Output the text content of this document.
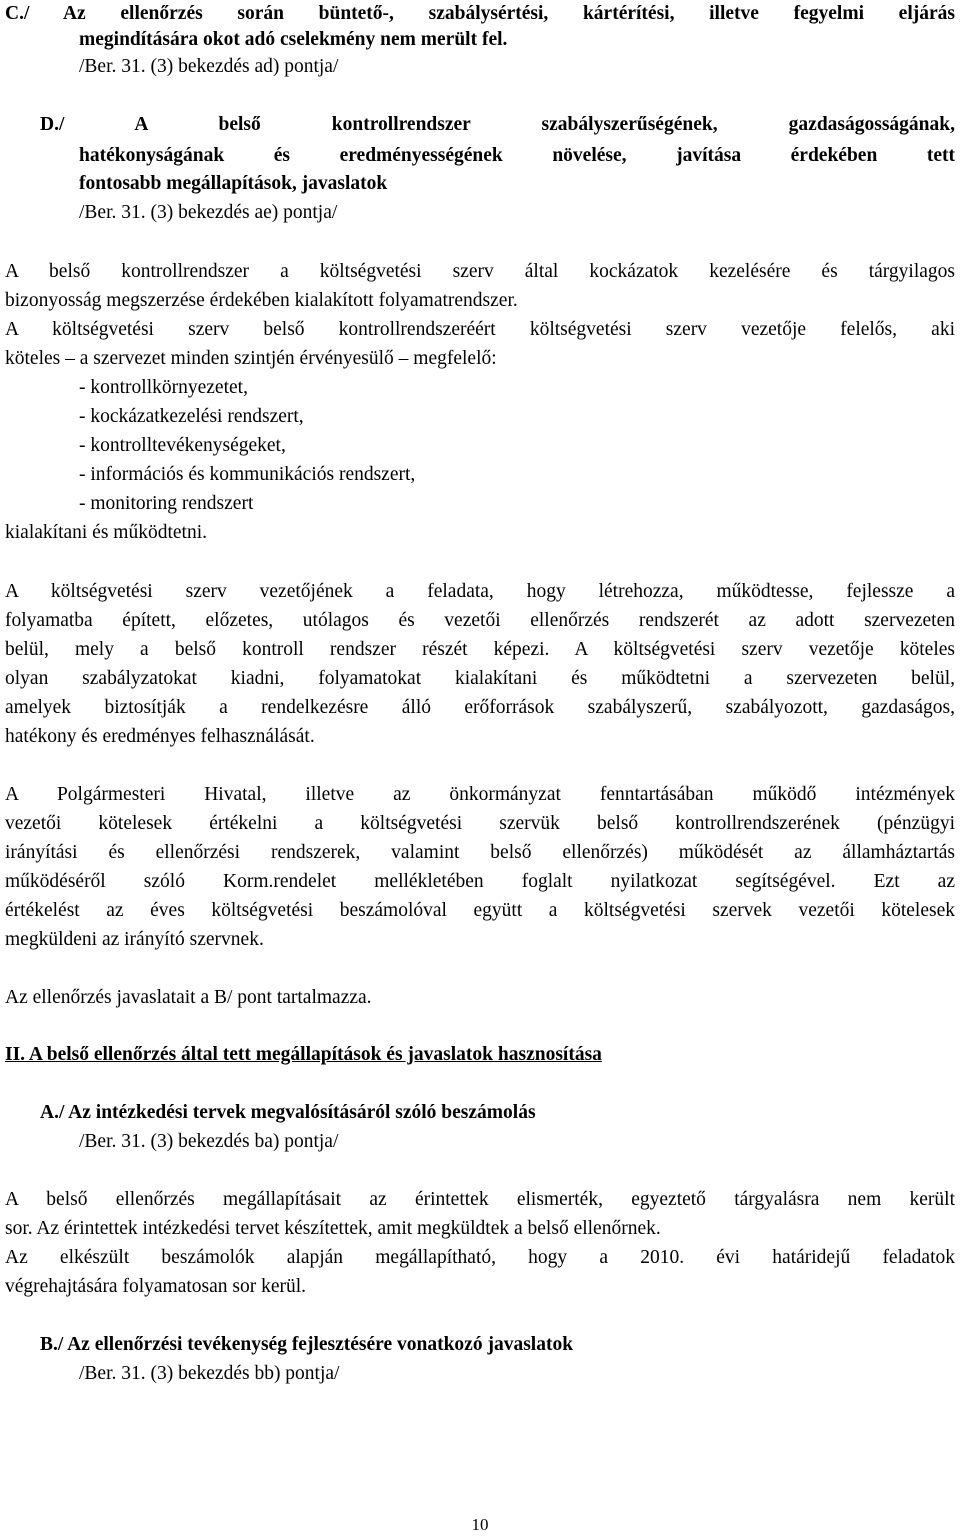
C./ Az ellenőrzés során büntető-, szabálysértési, kártérítési, illetve fegyelmi eljárás
megindítására okot adó cselekmény nem merült fel.
/Ber. 31. (3) bekezdés ad) pontja/
D./ A belső kontrollrendszer szabályszerűségének, gazdaságosságának,
hatékonyságának és eredményességének növelése, javítása érdekében tett
fontosabb megállapítások, javaslatok
/Ber. 31. (3) bekezdés ae) pontja/
A belső kontrollrendszer a költségvetési szerv által kockázatok kezelésére és tárgyilagos
bizonyosság megszerzése érdekében kialakított folyamatrendszer.
A költségvetési szerv belső kontrollrendszeréért költségvetési szerv vezetője felelős, aki
köteles – a szervezet minden szintjén érvényesülő – megfelelő:
- kontrollkörnyezetet,
- kockázatkezelési rendszert,
- kontrolltevékenységeket,
- információs és kommunikációs rendszert,
- monitoring rendszert
kialakítani és működtetni.
A költségvetési szerv vezetőjének a feladata, hogy létrehozza, működtesse, fejlessze a
folyamatba épített, előzetes, utólagos és vezetői ellenőrzés rendszerét az adott szervezeten
belül, mely a belső kontroll rendszer részét képezi. A költségvetési szerv vezetője köteles
olyan szabályzatokat kiadni, folyamatokat kialakítani és működtetni a szervezeten belül,
amelyek biztosítják a rendelkezésre álló erőforrások szabályszerű, szabályozott, gazdaságos,
hatékony és eredményes felhasználását.
A Polgármesteri Hivatal, illetve az önkormányzat fenntartásában működő intézmények
vezetői kötelesek értékelni a költségvetési szervük belső kontrollrendszerének (pénzügyi
irányítási és ellenőrzési rendszerek, valamint belső ellenőrzés) működését az államháztartás
működéséről szóló Korm.rendelet mellékletében foglalt nyilatkozat segítségével. Ezt az
értékelést az éves költségvetési beszámolóval együtt a költségvetési szervek vezetői kötelesek
megküldeni az irányító szervnek.
Az ellenőrzés javaslatait a B/ pont tartalmazza.
II. A belső ellenőrzés által tett megállapítások és javaslatok hasznosítása
A./ Az intézkedési tervek megvalósításáról szóló beszámolás
/Ber. 31. (3) bekezdés ba) pontja/
A belső ellenőrzés megállapításait az érintettek elismerték, egyeztető tárgyalásra nem került
sor. Az érintettek intézkedési tervet készítettek, amit megküldtek a belső ellenőrnek.
Az elkészült beszámolók alapján megállapítható, hogy a 2010. évi határidejű feladatok
végrehajtására folyamatosan sor kerül.
B./ Az ellenőrzési tevékenység fejlesztésére vonatkozó javaslatok
/Ber. 31. (3) bekezdés bb) pontja/
10
